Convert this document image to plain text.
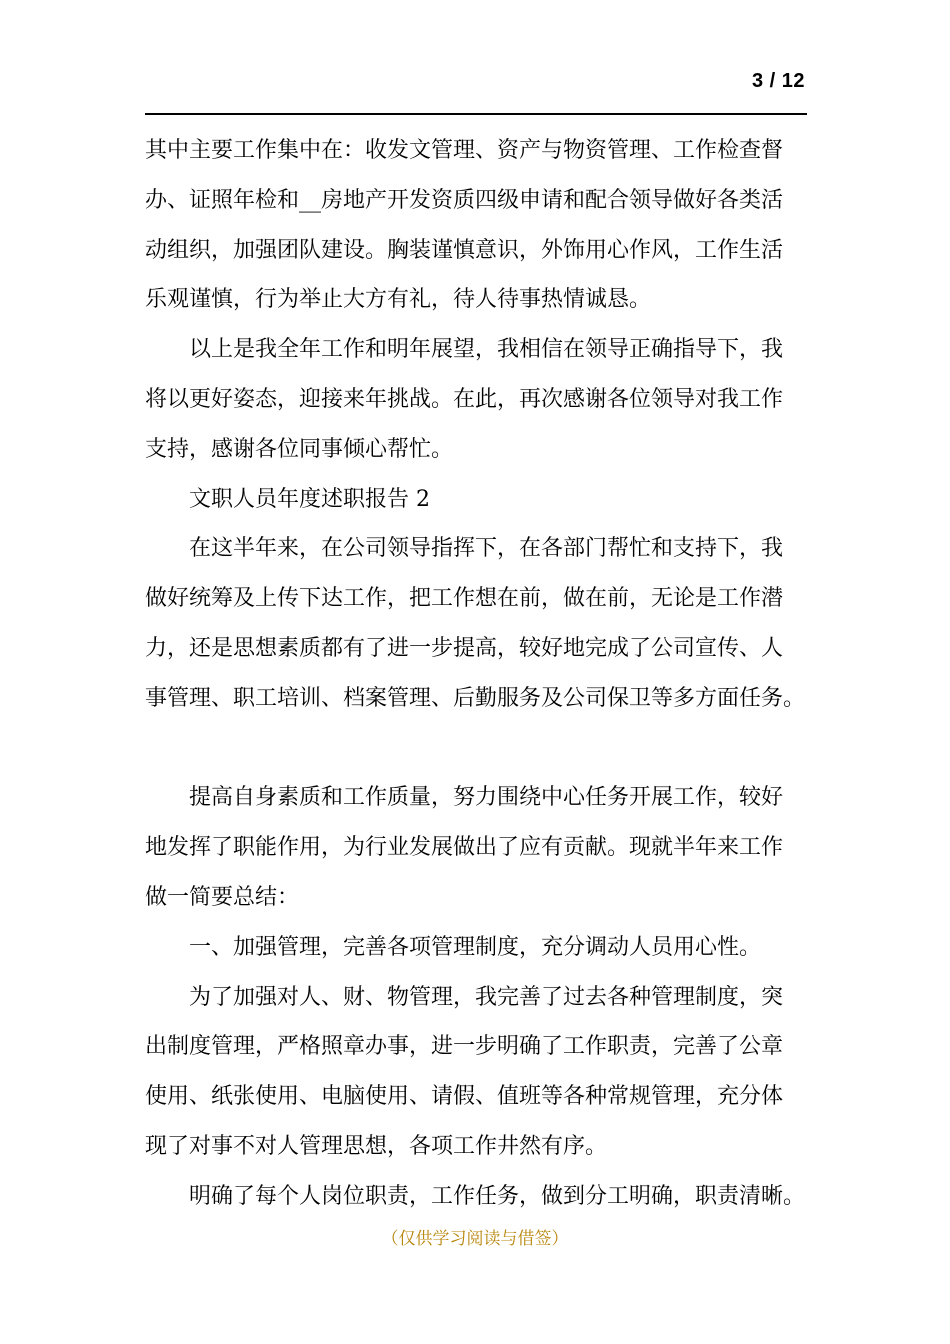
3 / 12
其中主要工作集中在：收发文管理、资产与物资管理、工作检查督
办、证照年检和__房地产开发资质四级申请和配合领导做好各类活
动组织，加强团队建设。胸装谨慎意识，外饰用心作风，工作生活
乐观谨慎，行为举止大方有礼，待人待事热情诚恳。
以上是我全年工作和明年展望，我相信在领导正确指导下，我
将以更好姿态，迎接来年挑战。在此，再次感谢各位领导对我工作
支持，感谢各位同事倾心帮忙。
文职人员年度述职报告 2
在这半年来，在公司领导指挥下，在各部门帮忙和支持下，我
做好统筹及上传下达工作，把工作想在前，做在前，无论是工作潜
力，还是思想素质都有了进一步提高，较好地完成了公司宣传、人
事管理、职工培训、档案管理、后勤服务及公司保卫等多方面任务。
提高自身素质和工作质量，努力围绕中心任务开展工作，较好
地发挥了职能作用，为行业发展做出了应有贡献。现就半年来工作
做一简要总结：
一、加强管理，完善各项管理制度，充分调动人员用心性。
为了加强对人、财、物管理，我完善了过去各种管理制度，突
出制度管理，严格照章办事，进一步明确了工作职责，完善了公章
使用、纸张使用、电脑使用、请假、值班等各种常规管理，充分体
现了对事不对人管理思想，各项工作井然有序。
明确了每个人岗位职责，工作任务，做到分工明确，职责清晰。
（仅供学习阅读与借签）
